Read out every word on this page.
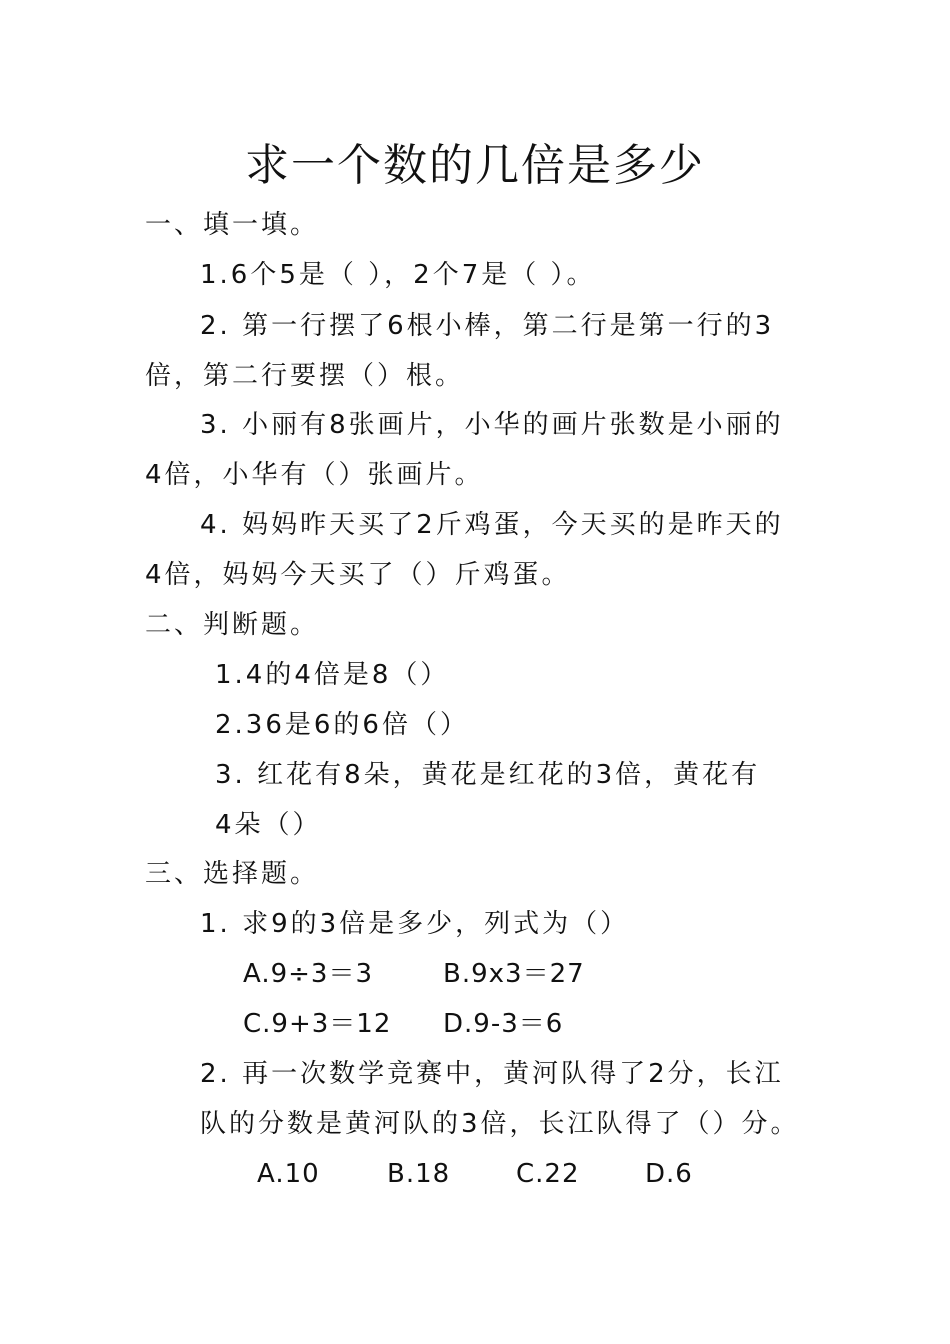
求一个数的几倍是多少
一、填一填。
1.6个5是（ ），2个7是（ ）。
2. 第一行摆了6根小棒，第二行是第一行的3
倍，第二行要摆（）根。
3. 小丽有8张画片，小华的画片张数是小丽的
4倍，小华有（）张画片。
4. 妈妈昨天买了2斤鸡蛋，今天买的是昨天的
4倍，妈妈今天买了（）斤鸡蛋。
二、判断题。
1.4的4倍是8（）
2.36是6的6倍（）
3. 红花有8朵，黄花是红花的3倍，黄花有
4朵（）
三、选择题。
1. 求9的3倍是多少，列式为（）
A.9÷3＝3	B.9x3＝27
C.9+3＝12 D.9-3＝6
2. 再一次数学竞赛中，黄河队得了2分，长江
队的分数是黄河队的3倍，长江队得了（）分。
A.10	B.18	C.22	D.6
